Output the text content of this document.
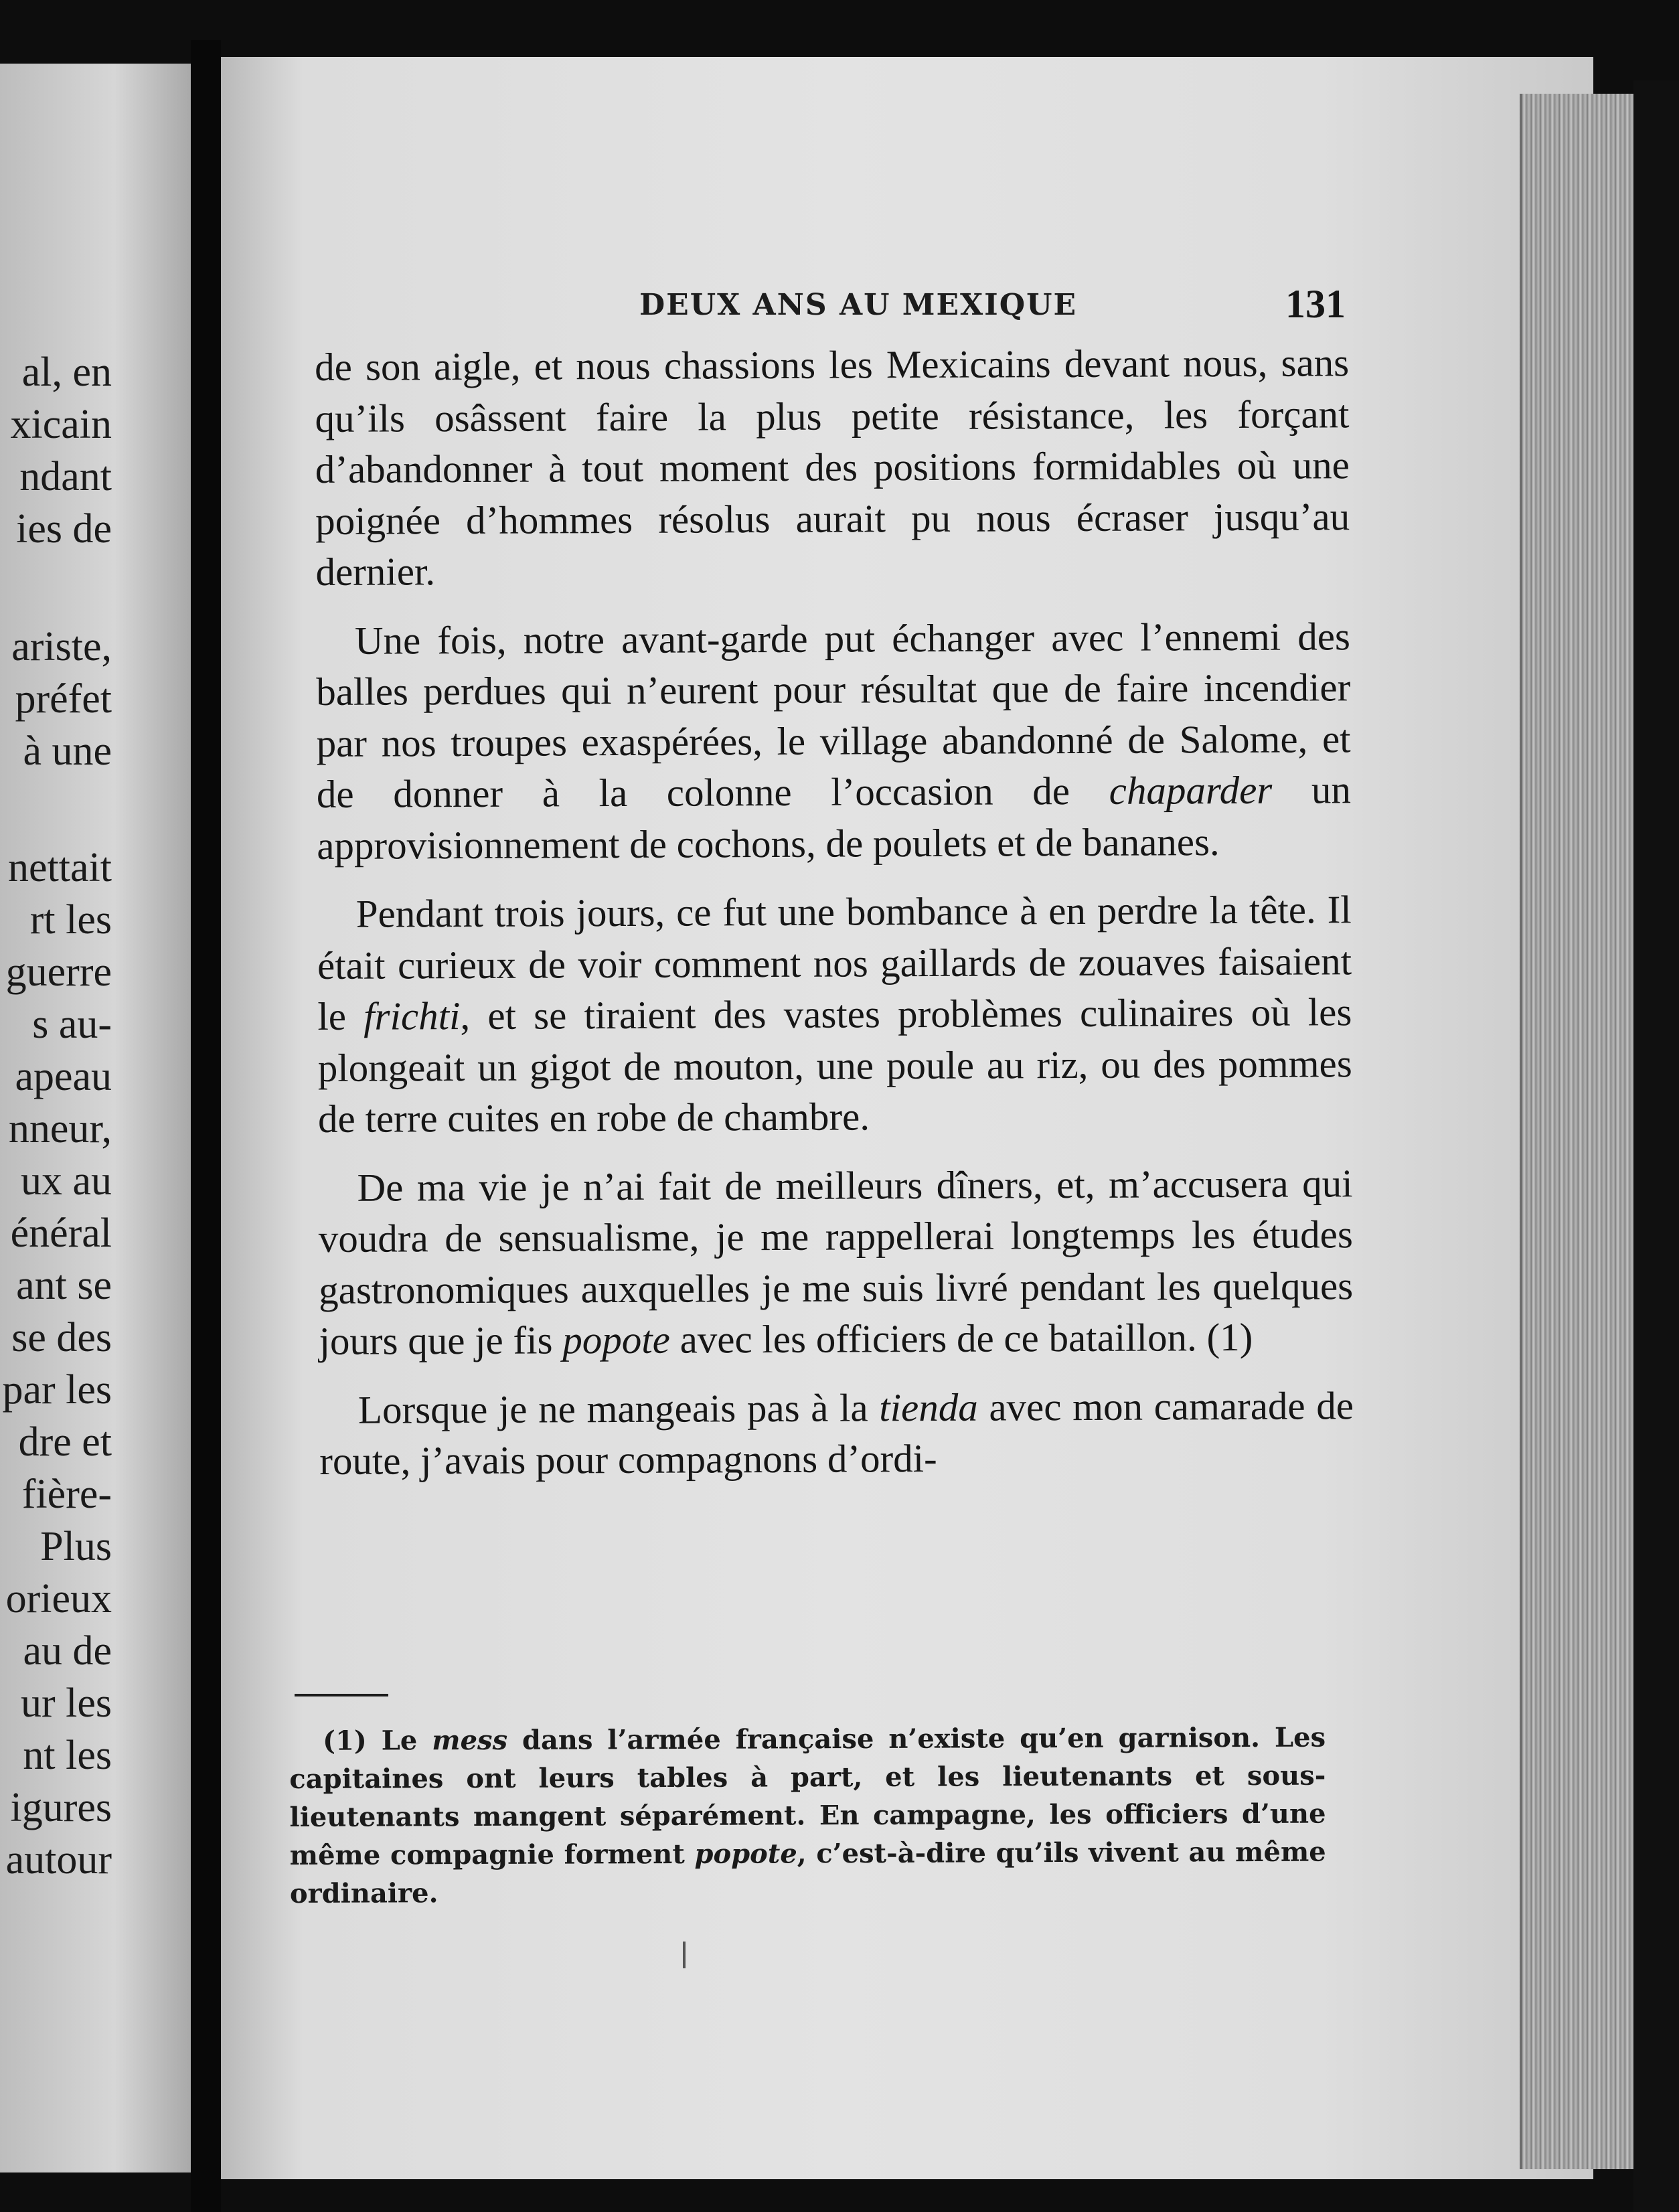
al, en
xicain
ndant
ies de
ariste,
préfet
à une
nettait
rt les
guerre
s au-
apeau
nneur,
ux au
énéral
ant se
se des
par les
dre et
fière-
Plus
orieux
au de
ur les
nt les
igures
autour
DEUX ANS AU MEXIQUE	131

de son aigle, et nous chassions les Mexicains devant nous, sans qu’ils osâssent faire la plus petite résistance, les forçant d’abandonner à tout moment des positions formidables où une poignée d’hommes résolus aurait pu nous écraser jusqu’au dernier.

Une fois, notre avant-garde put échanger avec l’ennemi des balles perdues qui n’eurent pour résultat que de faire incendier par nos troupes exaspérées, le village abandonné de Salome, et de donner à la colonne l’occasion de chaparder un approvisionnement de cochons, de poulets et de bananes.

Pendant trois jours, ce fut une bombance à en perdre la tête. Il était curieux de voir comment nos gaillards de zouaves faisaient le frichti, et se tiraient des vastes problèmes culinaires où les plongeait un gigot de mouton, une poule au riz, ou des pommes de terre cuites en robe de chambre.

De ma vie je n’ai fait de meilleurs dîners, et, m’accusera qui voudra de sensualisme, je me rappellerai longtemps les études gastronomiques auxquelles je me suis livré pendant les quelques jours que je fis popote avec les officiers de ce bataillon. (1)

Lorsque je ne mangeais pas à la tienda avec mon camarade de route, j’avais pour compagnons d’ordi-

(1) Le mess dans l’armée française n’existe qu’en garnison. Les capitaines ont leurs tables à part, et les lieutenants et sous-lieutenants mangent séparément. En campagne, les officiers d’une même compagnie forment popote, c’est-à-dire qu’ils vivent au même ordinaire.
